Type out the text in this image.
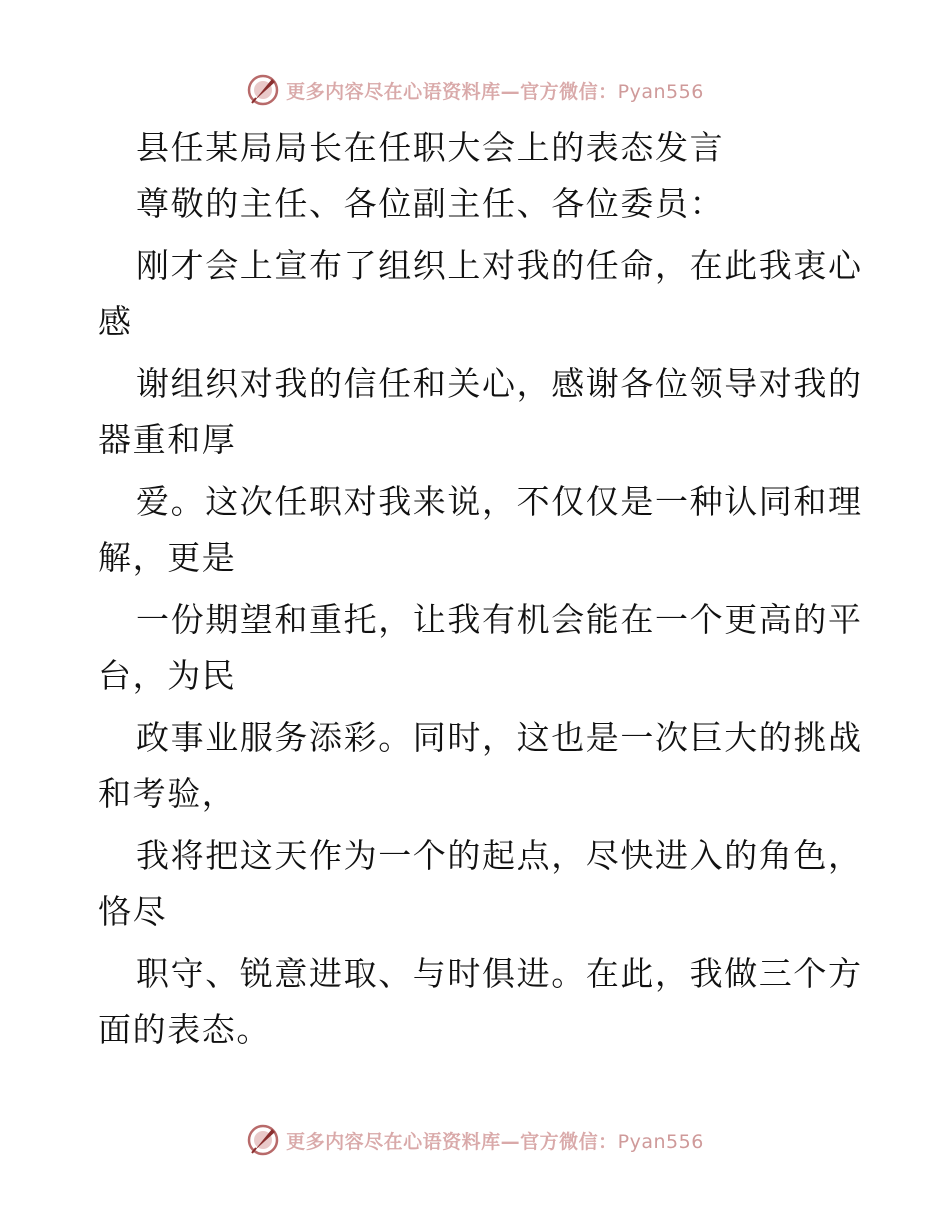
更多内容尽在心语资料库—官方微信：Pyan556
县任某局局长在任职大会上的表态发言
尊敬的主任、各位副主任、各位委员：
刚才会上宣布了组织上对我的任命，在此我衷心
感
谢组织对我的信任和关心，感谢各位领导对我的
器重和厚
爱。这次任职对我来说，不仅仅是一种认同和理
解，更是
一份期望和重托，让我有机会能在一个更高的平
台，为民
政事业服务添彩。同时，这也是一次巨大的挑战
和考验，
我将把这天作为一个的起点，尽快进入的角色，
恪尽
职守、锐意进取、与时俱进。在此，我做三个方
面的表态。
更多内容尽在心语资料库—官方微信：Pyan556
